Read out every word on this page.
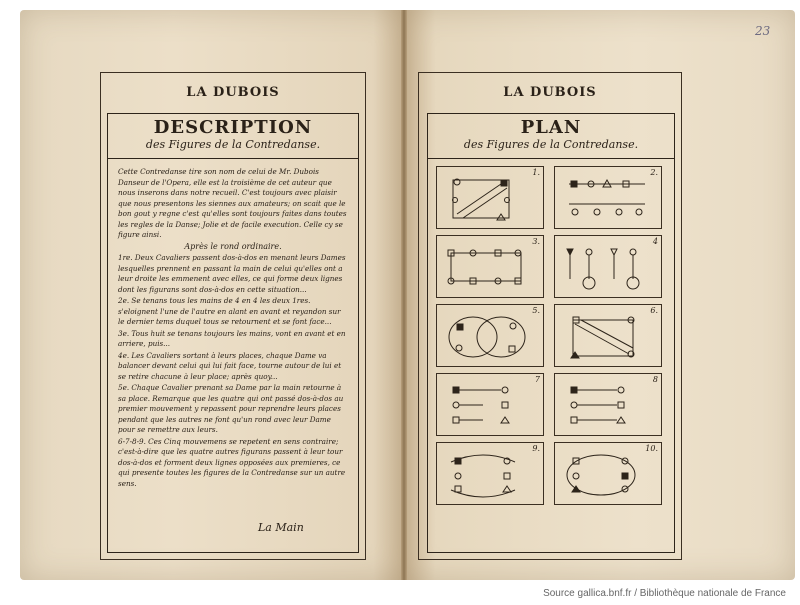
23
LA DUBOIS
DESCRIPTION
des Figures de la Contredanse.

Cette Contredanse tire son nom de celui de Mr. Dubois Danseur de l'Opera, elle est la troisième de cet auteur que nous inserons dans notre recueil. C'est toujours avec plaisir que nous presentons les siennes aux amateurs; on scait que le bon gout y regne c'est qu'elles sont toujours faites dans toutes les regles de la Danse; Jolie et de facile execution. Celle cy se figure ainsi.

Après le rond ordinaire.

1re. Deux Cavaliers passent dos-à-dos en menant leurs Dames lesquelles prennent en passant la main de celui qu'elles ont a leur droite les emmenent avec elles, ce qui forme deux lignes dont les figurans sont dos-à-dos en cette situation...

2e. Se tenans tous les mains de 4 en 4 les deux 1res. s'eloignent l'une de l'autre en alant en avant et reyandon sur le dernier tems duquel tous se retournent et se font face...

3e. Tous huit se tenans toujours les mains, vont en avant et en arriere, puis...

4e. Les Cavaliers sortant à leurs places, chaque Dame va balancer devant celui qui lui fait face, tourne autour de lui et se retire chacune à leur place; après quoy...

5e. Chaque Cavalier prenant sa Dame par la main retourne à sa place. Remarque que les quatre qui ont passé dos-à-dos au premier mouvement y repassent pour reprendre leurs places pendant que les autres ne font qu'un rond avec leur Dame pour se remettre aux leurs.

6-7-8-9. Ces Cinq mouvemens se repetent en sens contraire; c'est-à-dire que les quatre autres figurans passent à leur tour dos-à-dos et forment deux lignes opposées aux premieres, ce qui presente toutes les figures de la Contredanse sur un autre sens.

La Main
LA DUBOIS
PLAN
des Figures de la Contredanse.
1.	2.
3.	4
5.	6.
7	8
9.	10.
Source gallica.bnf.fr / Bibliothèque nationale de France
